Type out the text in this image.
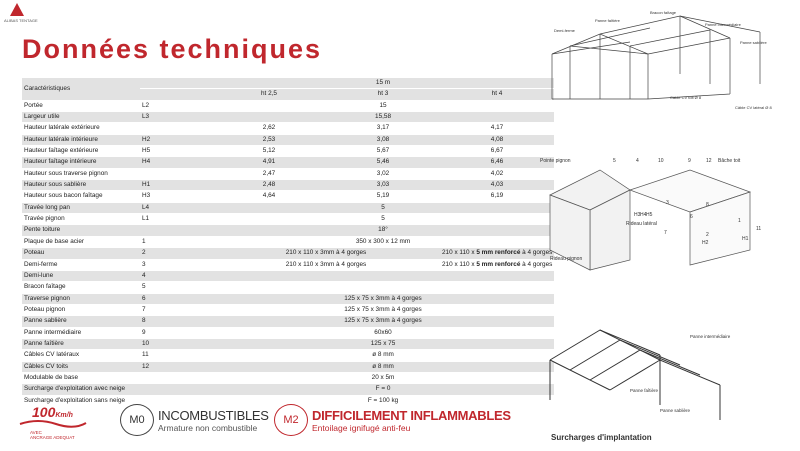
ALIBAS TENTAGE
Données techniques
Caractéristiques		15 m		
		ht 2,5	ht 3	ht 4
Portée	L2	15		
Largeur utile	L3	15,58		
Hauteur latérale extérieure		2,62	3,17	4,17
Hauteur latérale intérieure	H2	2,53	3,08	4,08
Hauteur faîtage extérieure	H5	5,12	5,67	6,67
Hauteur faîtage intérieure	H4	4,91	5,46	6,46
Hauteur sous traverse pignon		2,47	3,02	4,02
Hauteur sous sablière	H1	2,48	3,03	4,03
Hauteur sous bacon faîtage	H3	4,64	5,19	6,19
Travée long pan	L4	5		
Travée pignon	L1	5		
Pente toiture		18°		
Plaque de base acier	1	350 x 300 x 12 mm		
Poteau	2	210 x 110 x 3mm à 4 gorges		210 x 110 x 5 mm renforcé à 4 gorges
Demi-ferme	3	210 x 110 x 3mm à 4 gorges		210 x 110 x 5 mm renforcé à 4 gorges
Demi-lune	4			
Bracon faîtage	5			
Traverse pignon	6	125 x 75 x 3mm à 4 gorges		
Poteau pignon	7	125 x 75 x 3mm à 4 gorges		
Panne sablière	8	125 x 75 x 3mm à 4 gorges		
Panne intermédiaire	9	60x60		
Panne faîtière	10	125 x 75		
Câbles CV latéraux	11	ø 8 mm		
Câbles CV toits	12	ø 8 mm		
Modulable de base		20 x 5m		
Surcharge d'exploitation avec neige		F = 0		
Surcharge d'exploitation sans neige		F = 100 kg		
100Km/h
AVEC
ANCRAGE ADEQUAT
M0	INCOMBUSTIBLES
Armature non combustible
M2	DIFFICILEMENT INFLAMMABLES
Entoilage ignifugé anti-feu
Bracon faîtage
Panne faîtière
Panne intermédiaire
Demi-ferme
Panne sablière
Câble CV toit Ø 8
Câble CV latéral Ø 8
Pointe pignon	Bâche toit
Rideau latéral
Rideau pignon
5	4	10	9	12
3	8
1
2
6
7
11
H1
H2
H3 H4 H5
Panne intermédiaire
Panne faîtière
Panne sablière
Surcharges d'implantation
